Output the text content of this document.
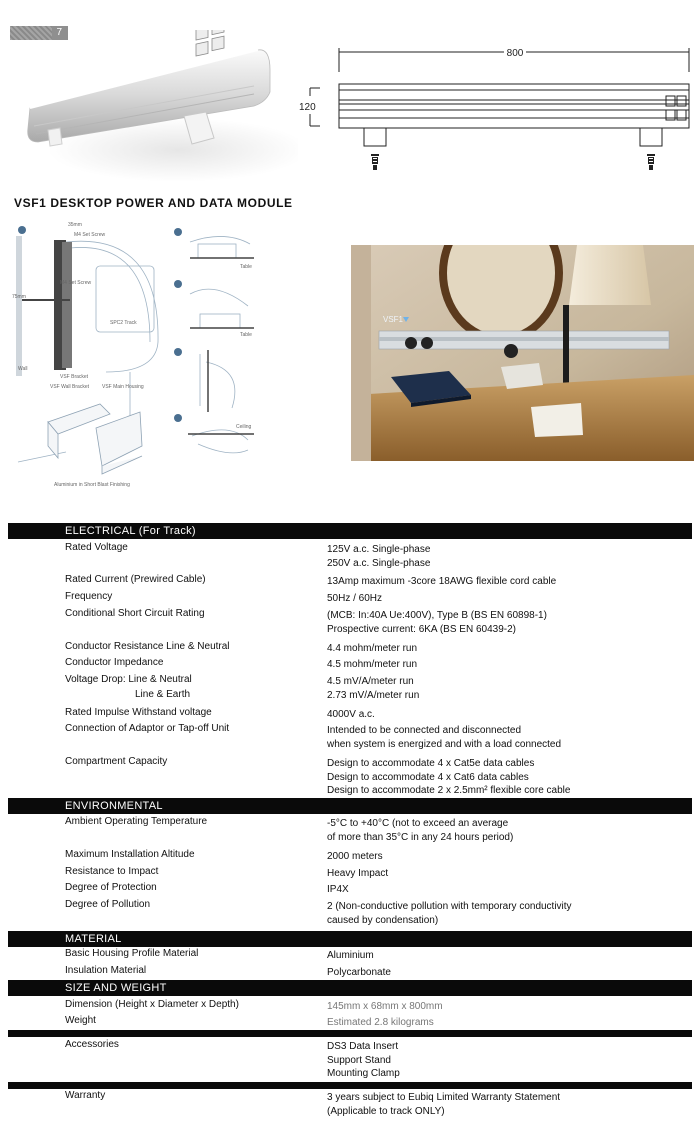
7
800
120
VSF1 DESKTOP POWER AND DATA MODULE
35mm
M4 Set Screw
M4 Set Screw
SPC2 Track
75mm
Wall
VSF Bracket
VSF Wall Bracket	VSF Main Housing
Aluminium in Short Blast Finishing
Table
Table
Ceiling
VSF1
ELECTRICAL (For Track)
Rated Voltage	125V a.c. Single-phase
250V a.c. Single-phase
Rated Current (Prewired Cable)	13Amp maximum -3core 18AWG flexible cord cable
Frequency	50Hz / 60Hz
Conditional Short Circuit Rating	(MCB: In:40A Ue:400V), Type B (BS EN 60898-1)
Prospective current: 6KA (BS EN 60439-2)
Conductor Resistance Line & Neutral	4.4 mohm/meter run
Conductor Impedance	4.5 mohm/meter run
Voltage Drop: Line & Neutral	4.5 mV/A/meter run
Line & Earth	2.73 mV/A/meter run
Rated Impulse Withstand voltage	4000V a.c.
Connection of Adaptor or Tap-off Unit	Intended to be connected and disconnected
when system is energized and with a load connected
Compartment Capacity	Design to accommodate 4 x Cat5e data cables
Design to accommodate 4 x Cat6 data cables
Design to accommodate 2 x 2.5mm² flexible core cable
ENVIRONMENTAL
Ambient Operating Temperature	-5°C to +40°C (not to exceed an average
of more than 35°C in any 24 hours period)
Maximum Installation Altitude	2000 meters
Resistance to Impact	Heavy Impact
Degree of Protection	IP4X
Degree of Pollution	2 (Non-conductive pollution with temporary conductivity
caused by condensation)
MATERIAL
Basic Housing Profile Material	Aluminium
Insulation Material	Polycarbonate
SIZE AND WEIGHT
Dimension (Height x Diameter x Depth)	145mm x 68mm x 800mm
Weight	Estimated 2.8 kilograms
Accessories	DS3 Data Insert
Support Stand
Mounting Clamp
Warranty	3 years subject to Eubiq Limited Warranty Statement
(Applicable to track ONLY)
